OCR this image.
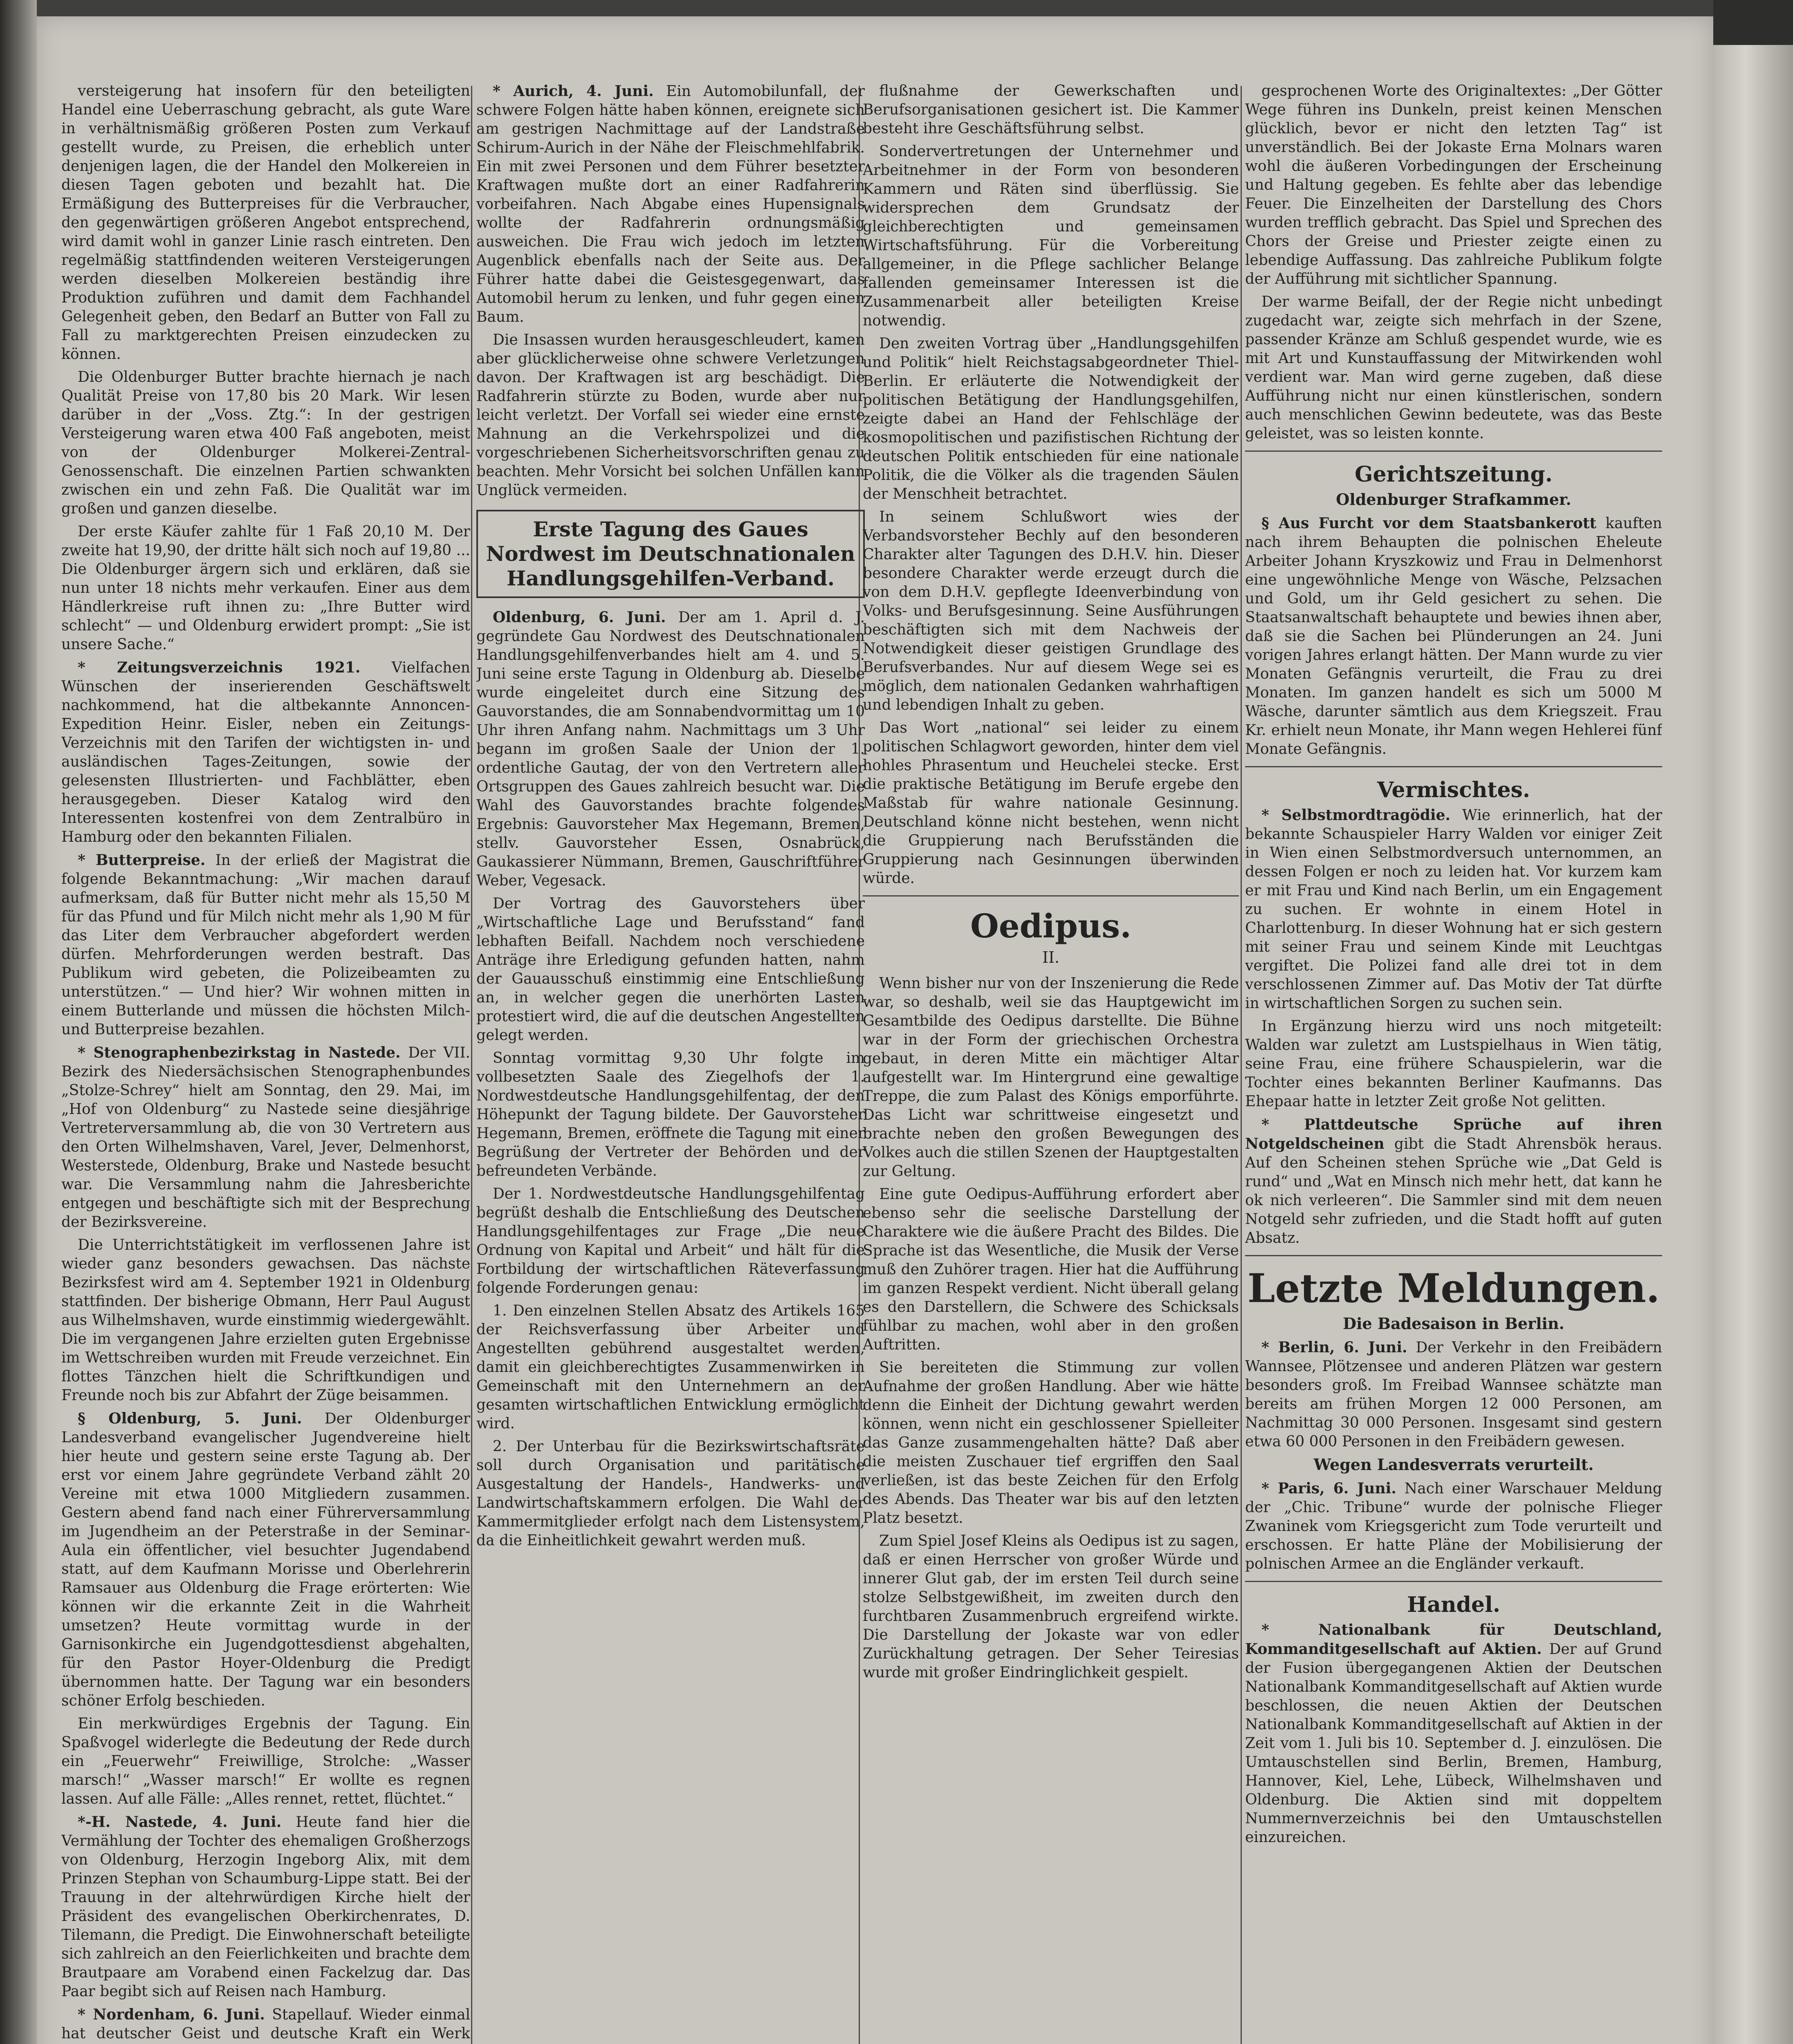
versteigerung hat insofern für den beteiligten Handel eine Ueberraschung gebracht, als gute Ware in verhältnismäßig größeren Posten zum Verkauf gestellt wurde, zu Preisen, die erheblich unter denjenigen lagen, die der Handel den Molkereien in diesen Tagen geboten und bezahlt hat. Die Ermäßigung des Butterpreises für die Verbraucher, den gegenwärtigen größeren Angebot entsprechend, wird damit wohl in ganzer Linie rasch eintreten. Den regelmäßig stattfindenden weiteren Versteigerungen werden dieselben Molkereien beständig ihre Produktion zuführen und damit dem Fachhandel Gelegenheit geben, den Bedarf an Butter von Fall zu Fall zu marktgerechten Preisen einzudecken zu können.

Die Oldenburger Butter brachte hiernach je nach Qualität Preise von 17,80 bis 20 Mark. Wir lesen darüber in der „Voss. Ztg.“: In der gestrigen Versteigerung waren etwa 400 Faß angeboten, meist von der Oldenburger Molkerei-Zentral-Genossenschaft. Die einzelnen Partien schwankten zwischen ein und zehn Faß. Die Qualität war im großen und ganzen dieselbe.

Der erste Käufer zahlte für 1 Faß 20,10 M. Der zweite hat 19,90, der dritte hält sich noch auf 19,80 ... Die Oldenburger ärgern sich und erklären, daß sie nun unter 18 nichts mehr verkaufen. Einer aus dem Händlerkreise ruft ihnen zu: „Ihre Butter wird schlecht“ — und Oldenburg erwidert prompt: „Sie ist unsere Sache.“

* Zeitungsverzeichnis 1921. Vielfachen Wünschen der inserierenden Geschäftswelt nachkommend, hat die altbekannte Annoncen-Expedition Heinr. Eisler, neben ein Zeitungs-Verzeichnis mit den Tarifen der wichtigsten in- und ausländischen Tages-Zeitungen, sowie der gelesensten Illustrierten- und Fachblätter, eben herausgegeben. Dieser Katalog wird den Interessenten kostenfrei von dem Zentralbüro in Hamburg oder den bekannten Filialen.

* Butterpreise. In der erließ der Magistrat die folgende Bekanntmachung: „Wir machen darauf aufmerksam, daß für Butter nicht mehr als 15,50 M für das Pfund und für Milch nicht mehr als 1,90 M für das Liter dem Verbraucher abgefordert werden dürfen. Mehrforderungen werden bestraft. Das Publikum wird gebeten, die Polizeibeamten zu unterstützen.“ — Und hier? Wir wohnen mitten in einem Butterlande und müssen die höchsten Milch- und Butterpreise bezahlen.

* Stenographenbezirkstag in Nastede. Der VII. Bezirk des Niedersächsischen Stenographenbundes „Stolze-Schrey“ hielt am Sonntag, den 29. Mai, im „Hof von Oldenburg“ zu Nastede seine diesjährige Vertreterversammlung ab, die von 30 Vertretern aus den Orten Wilhelmshaven, Varel, Jever, Delmenhorst, Westerstede, Oldenburg, Brake und Nastede besucht war. Die Versammlung nahm die Jahresberichte entgegen und beschäftigte sich mit der Besprechung der Bezirksvereine.

Die Unterrichtstätigkeit im verflossenen Jahre ist wieder ganz besonders gewachsen. Das nächste Bezirksfest wird am 4. September 1921 in Oldenburg stattfinden. Der bisherige Obmann, Herr Paul August aus Wilhelmshaven, wurde einstimmig wiedergewählt. Die im vergangenen Jahre erzielten guten Ergebnisse im Wettschreiben wurden mit Freude verzeichnet. Ein flottes Tänzchen hielt die Schriftkundigen und Freunde noch bis zur Abfahrt der Züge beisammen.

§ Oldenburg, 5. Juni. Der Oldenburger Landesverband evangelischer Jugendvereine hielt hier heute und gestern seine erste Tagung ab. Der erst vor einem Jahre gegründete Verband zählt 20 Vereine mit etwa 1000 Mitgliedern zusammen. Gestern abend fand nach einer Führerversammlung im Jugendheim an der Peterstraße in der Seminar-Aula ein öffentlicher, viel besuchter Jugendabend statt, auf dem Kaufmann Morisse und Oberlehrerin Ramsauer aus Oldenburg die Frage erörterten: Wie können wir die erkannte Zeit in die Wahrheit umsetzen? Heute vormittag wurde in der Garnisonkirche ein Jugendgottesdienst abgehalten, für den Pastor Hoyer-Oldenburg die Predigt übernommen hatte. Der Tagung war ein besonders schöner Erfolg beschieden.

Ein merkwürdiges Ergebnis der Tagung. Ein Spaßvogel widerlegte die Bedeutung der Rede durch ein „Feuerwehr“ Freiwillige, Strolche: „Wasser marsch!“ „Wasser marsch!“ Er wollte es regnen lassen. Auf alle Fälle: „Alles rennet, rettet, flüchtet.“

*-H. Nastede, 4. Juni. Heute fand hier die Vermählung der Tochter des ehemaligen Großherzogs von Oldenburg, Herzogin Ingeborg Alix, mit dem Prinzen Stephan von Schaumburg-Lippe statt. Bei der Trauung in der altehrwürdigen Kirche hielt der Präsident des evangelischen Oberkirchenrates, D. Tilemann, die Predigt. Die Einwohnerschaft beteiligte sich zahlreich an den Feierlichkeiten und brachte dem Brautpaare am Vorabend einen Fackelzug dar. Das Paar begibt sich auf Reisen nach Hamburg.

* Nordenham, 6. Juni. Stapellauf. Wieder einmal hat deutscher Geist und deutsche Kraft ein Werk

* Aurich, 4. Juni. Ein Automobilunfall, der schwere Folgen hätte haben können, ereignete sich am gestrigen Nachmittage auf der Landstraße Schirum-Aurich in der Nähe der Fleischmehlfabrik. Ein mit zwei Personen und dem Führer besetzter Kraftwagen mußte dort an einer Radfahrerin vorbeifahren. Nach Abgabe eines Hupensignals wollte der Radfahrerin ordnungsmäßig ausweichen. Die Frau wich jedoch im letzten Augenblick ebenfalls nach der Seite aus. Der Führer hatte dabei die Geistesgegenwart, das Automobil herum zu lenken, und fuhr gegen einen Baum.

Die Insassen wurden herausgeschleudert, kamen aber glücklicherweise ohne schwere Verletzungen davon. Der Kraftwagen ist arg beschädigt. Die Radfahrerin stürzte zu Boden, wurde aber nur leicht verletzt. Der Vorfall sei wieder eine ernste Mahnung an die Verkehrspolizei und die vorgeschriebenen Sicherheitsvorschriften genau zu beachten. Mehr Vorsicht bei solchen Unfällen kann Unglück vermeiden.

Erste Tagung des Gaues Nordwest im Deutschnationalen Handlungsgehilfen-Verband.

Oldenburg, 6. Juni. Der am 1. April d. J. gegründete Gau Nordwest des Deutschnationalen Handlungsgehilfenverbandes hielt am 4. und 5. Juni seine erste Tagung in Oldenburg ab. Dieselbe wurde eingeleitet durch eine Sitzung des Gauvorstandes, die am Sonnabendvormittag um 10 Uhr ihren Anfang nahm. Nachmittags um 3 Uhr begann im großen Saale der Union der 1. ordentliche Gautag, der von den Vertretern aller Ortsgruppen des Gaues zahlreich besucht war. Die Wahl des Gauvorstandes brachte folgendes Ergebnis: Gauvorsteher Max Hegemann, Bremen, stellv. Gauvorsteher Essen, Osnabrück, Gaukassierer Nümmann, Bremen, Gauschriftführer Weber, Vegesack.

Der Vortrag des Gauvorstehers über „Wirtschaftliche Lage und Berufsstand“ fand lebhaften Beifall. Nachdem noch verschiedene Anträge ihre Erledigung gefunden hatten, nahm der Gauausschuß einstimmig eine Entschließung an, in welcher gegen die unerhörten Lasten protestiert wird, die auf die deutschen Angestellten gelegt werden.

Sonntag vormittag 9,30 Uhr folgte im vollbesetzten Saale des Ziegelhofs der 1. Nordwestdeutsche Handlungsgehilfentag, der den Höhepunkt der Tagung bildete. Der Gauvorsteher Hegemann, Bremen, eröffnete die Tagung mit einer Begrüßung der Vertreter der Behörden und der befreundeten Verbände.

Der 1. Nordwestdeutsche Handlungsgehilfentag begrüßt deshalb die Entschließung des Deutschen Handlungsgehilfentages zur Frage „Die neue Ordnung von Kapital und Arbeit“ und hält für die Fortbildung der wirtschaftlichen Räteverfassung folgende Forderungen genau:

1. Den einzelnen Stellen Absatz des Artikels 165 der Reichsverfassung über Arbeiter und Angestellten gebührend ausgestaltet werden, damit ein gleichberechtigtes Zusammenwirken in Gemeinschaft mit den Unternehmern an der gesamten wirtschaftlichen Entwicklung ermöglicht wird.

2. Der Unterbau für die Bezirkswirtschaftsräte soll durch Organisation und paritätische Ausgestaltung der Handels-, Handwerks- und Landwirtschaftskammern erfolgen. Die Wahl der Kammermitglieder erfolgt nach dem Listensystem, da die Einheitlichkeit gewahrt werden muß.

flußnahme der Gewerkschaften und Berufsorganisationen gesichert ist. Die Kammer besteht ihre Geschäftsführung selbst.

Sondervertretungen der Unternehmer und Arbeitnehmer in der Form von besonderen Kammern und Räten sind überflüssig. Sie widersprechen dem Grundsatz der gleichberechtigten und gemeinsamen Wirtschaftsführung. Für die Vorbereitung allgemeiner, in die Pflege sachlicher Belange fallenden gemeinsamer Interessen ist die Zusammenarbeit aller beteiligten Kreise notwendig.

Den zweiten Vortrag über „Handlungsgehilfen und Politik“ hielt Reichstagsabgeordneter Thiel-Berlin. Er erläuterte die Notwendigkeit der politischen Betätigung der Handlungsgehilfen, zeigte dabei an Hand der Fehlschläge der kosmopolitischen und pazifistischen Richtung der deutschen Politik entschieden für eine nationale Politik, die die Völker als die tragenden Säulen der Menschheit betrachtet.

In seinem Schlußwort wies der Verbandsvorsteher Bechly auf den besonderen Charakter alter Tagungen des D.H.V. hin. Dieser besondere Charakter werde erzeugt durch die von dem D.H.V. gepflegte Ideenverbindung von Volks- und Berufsgesinnung. Seine Ausführungen beschäftigten sich mit dem Nachweis der Notwendigkeit dieser geistigen Grundlage des Berufsverbandes. Nur auf diesem Wege sei es möglich, dem nationalen Gedanken wahrhaftigen und lebendigen Inhalt zu geben.

Das Wort „national“ sei leider zu einem politischen Schlagwort geworden, hinter dem viel hohles Phrasentum und Heuchelei stecke. Erst die praktische Betätigung im Berufe ergebe den Maßstab für wahre nationale Gesinnung. Deutschland könne nicht bestehen, wenn nicht die Gruppierung nach Berufsständen die Gruppierung nach Gesinnungen überwinden würde.

Oedipus.
II.

Wenn bisher nur von der Inszenierung die Rede war, so deshalb, weil sie das Hauptgewicht im Gesamtbilde des Oedipus darstellte. Die Bühne war in der Form der griechischen Orchestra gebaut, in deren Mitte ein mächtiger Altar aufgestellt war. Im Hintergrund eine gewaltige Treppe, die zum Palast des Königs emporführte. Das Licht war schrittweise eingesetzt und brachte neben den großen Bewegungen des Volkes auch die stillen Szenen der Hauptgestalten zur Geltung.

Eine gute Oedipus-Aufführung erfordert aber ebenso sehr die seelische Darstellung der Charaktere wie die äußere Pracht des Bildes. Die Sprache ist das Wesentliche, die Musik der Verse muß den Zuhörer tragen. Hier hat die Aufführung im ganzen Respekt verdient. Nicht überall gelang es den Darstellern, die Schwere des Schicksals fühlbar zu machen, wohl aber in den großen Auftritten.

Sie bereiteten die Stimmung zur vollen Aufnahme der großen Handlung. Aber wie hätte denn die Einheit der Dichtung gewahrt werden können, wenn nicht ein geschlossener Spielleiter das Ganze zusammengehalten hätte? Daß aber die meisten Zuschauer tief ergriffen den Saal verließen, ist das beste Zeichen für den Erfolg des Abends. Das Theater war bis auf den letzten Platz besetzt.

Zum Spiel Josef Kleins als Oedipus ist zu sagen, daß er einen Herrscher von großer Würde und innerer Glut gab, der im ersten Teil durch seine stolze Selbstgewißheit, im zweiten durch den furchtbaren Zusammenbruch ergreifend wirkte. Die Darstellung der Jokaste war von edler Zurückhaltung getragen. Der Seher Teiresias wurde mit großer Eindringlichkeit gespielt.

gesprochenen Worte des Originaltextes: „Der Götter Wege führen ins Dunkeln, preist keinen Menschen glücklich, bevor er nicht den letzten Tag“ ist unverständlich. Bei der Jokaste Erna Molnars waren wohl die äußeren Vorbedingungen der Erscheinung und Haltung gegeben. Es fehlte aber das lebendige Feuer. Die Einzelheiten der Darstellung des Chors wurden trefflich gebracht. Das Spiel und Sprechen des Chors der Greise und Priester zeigte einen zu lebendige Auffassung. Das zahlreiche Publikum folgte der Aufführung mit sichtlicher Spannung.

Der warme Beifall, der der Regie nicht unbedingt zugedacht war, zeigte sich mehrfach in der Szene, passender Kränze am Schluß gespendet wurde, wie es mit Art und Kunstauffassung der Mitwirkenden wohl verdient war. Man wird gerne zugeben, daß diese Aufführung nicht nur einen künstlerischen, sondern auch menschlichen Gewinn bedeutete, was das Beste geleistet, was so leisten konnte.

Gerichtszeitung.
Oldenburger Strafkammer.

§ Aus Furcht vor dem Staatsbankerott kauften nach ihrem Behaupten die polnischen Eheleute Arbeiter Johann Kryszkowiz und Frau in Delmenhorst eine ungewöhnliche Menge von Wäsche, Pelzsachen und Gold, um ihr Geld gesichert zu sehen. Die Staatsanwaltschaft behauptete und bewies ihnen aber, daß sie die Sachen bei Plünderungen an 24. Juni vorigen Jahres erlangt hätten. Der Mann wurde zu vier Monaten Gefängnis verurteilt, die Frau zu drei Monaten. Im ganzen handelt es sich um 5000 M Wäsche, darunter sämtlich aus dem Kriegszeit. Frau Kr. erhielt neun Monate, ihr Mann wegen Hehlerei fünf Monate Gefängnis.

Vermischtes.

* Selbstmordtragödie. Wie erinnerlich, hat der bekannte Schauspieler Harry Walden vor einiger Zeit in Wien einen Selbstmordversuch unternommen, an dessen Folgen er noch zu leiden hat. Vor kurzem kam er mit Frau und Kind nach Berlin, um ein Engagement zu suchen. Er wohnte in einem Hotel in Charlottenburg. In dieser Wohnung hat er sich gestern mit seiner Frau und seinem Kinde mit Leuchtgas vergiftet. Die Polizei fand alle drei tot in dem verschlossenen Zimmer auf. Das Motiv der Tat dürfte in wirtschaftlichen Sorgen zu suchen sein.

In Ergänzung hierzu wird uns noch mitgeteilt: Walden war zuletzt am Lustspielhaus in Wien tätig, seine Frau, eine frühere Schauspielerin, war die Tochter eines bekannten Berliner Kaufmanns. Das Ehepaar hatte in letzter Zeit große Not gelitten.

* Plattdeutsche Sprüche auf ihren Notgeldscheinen gibt die Stadt Ahrensbök heraus. Auf den Scheinen stehen Sprüche wie „Dat Geld is rund“ und „Wat en Minsch nich mehr hett, dat kann he ok nich verleeren“. Die Sammler sind mit dem neuen Notgeld sehr zufrieden, und die Stadt hofft auf guten Absatz.

Letzte Meldungen.
Die Badesaison in Berlin.

* Berlin, 6. Juni. Der Verkehr in den Freibädern Wannsee, Plötzensee und anderen Plätzen war gestern besonders groß. Im Freibad Wannsee schätzte man bereits am frühen Morgen 12 000 Personen, am Nachmittag 30 000 Personen. Insgesamt sind gestern etwa 60 000 Personen in den Freibädern gewesen.

Wegen Landesverrats verurteilt.

* Paris, 6. Juni. Nach einer Warschauer Meldung der „Chic. Tribune“ wurde der polnische Flieger Zwaninek vom Kriegsgericht zum Tode verurteilt und erschossen. Er hatte Pläne der Mobilisierung der polnischen Armee an die Engländer verkauft.

Handel.

* Nationalbank für Deutschland, Kommanditgesellschaft auf Aktien. Der auf Grund der Fusion übergegangenen Aktien der Deutschen Nationalbank Kommanditgesellschaft auf Aktien wurde beschlossen, die neuen Aktien der Deutschen Nationalbank Kommanditgesellschaft auf Aktien in der Zeit vom 1. Juli bis 10. September d. J. einzulösen. Die Umtauschstellen sind Berlin, Bremen, Hamburg, Hannover, Kiel, Lehe, Lübeck, Wilhelmshaven und Oldenburg. Die Aktien sind mit doppeltem Nummernverzeichnis bei den Umtauschstellen einzureichen.
